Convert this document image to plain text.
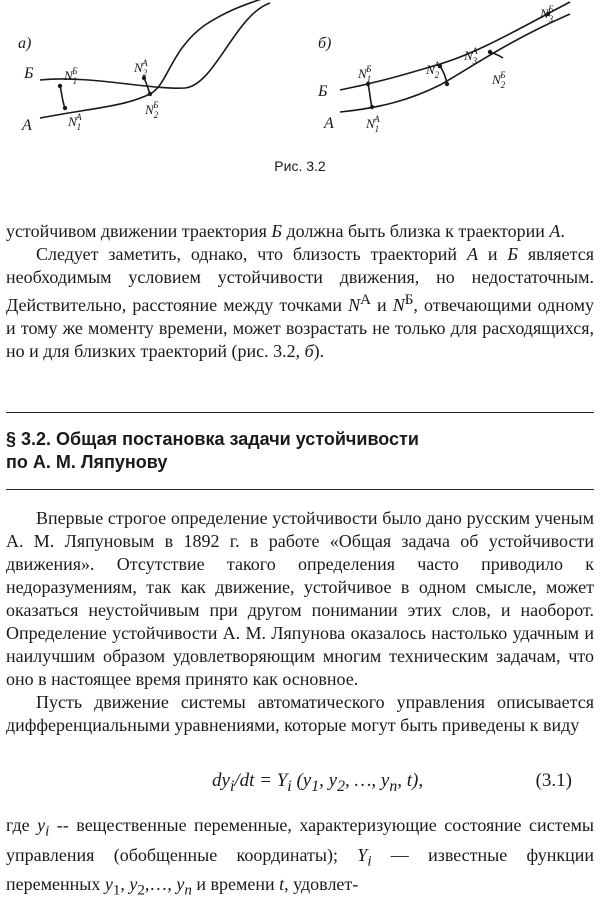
а)
Б
А
$N_1Б$
$N_1А$
$N_2А$
$N_2Б$
б)
Б
А
$N_1Б$
$N_1А$
$N_2А$
$N_2Б$
$N_3А$
$N_3Б$
Рис. 3.2

устойчивом движении траектория Б должна быть близка к траектории А.

Следует заметить, однако, что близость траекторий А и Б является необходимым условием устойчивости движения, но недостаточным. Действительно, расстояние между точками $N^А$ и $N^Б$, отвечающими одному и тому же моменту времени, может возрастать не только для расходящихся, но и для близких траекторий (рис. 3.2, б).

§ 3.2. Общая постановка задачи устойчивости
по А. М. Ляпунову

Впервые строгое определение устойчивости было дано русским ученым А. М. Ляпуновым в 1892 г. в работе «Общая задача об устойчивости движения». Отсутствие такого определения часто приводило к недоразумениям, так как движение, устойчивое в одном смысле, может оказаться неустойчивым при другом понимании этих слов, и наоборот. Определение устойчивости А. М. Ляпунова оказалось настолько удачным и наилучшим образом удовлетворяющим многим техническим задачам, что оно в настоящее время принято как основное.

Пусть движение системы автоматического управления описывается дифференциальными уравнениями, которые могут быть приведены к виду

$dy_i/dt = Y_i$ ($y_1$, $y_2$, …, $y_n$, t),	(3.1)

где $y_i$ -- вещественные переменные, характеризующие состояние системы управления (обобщенные координаты); $Y_i$ — известные функции переменных $y_1$, $y_2,\dots$, $y_n$ и времени t, удовлет-
